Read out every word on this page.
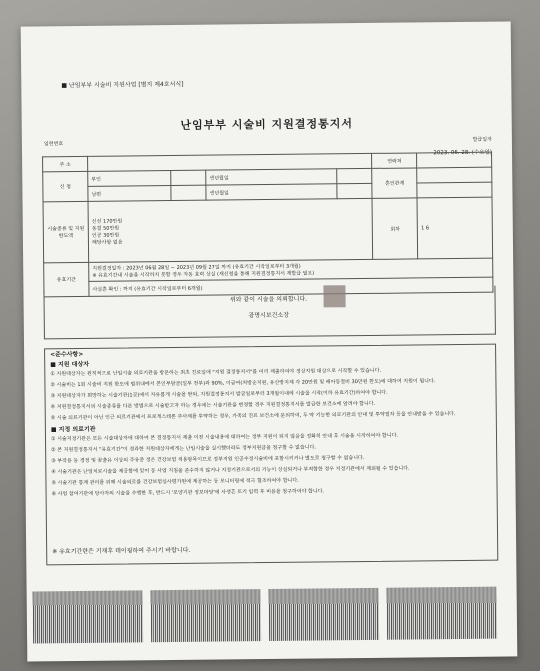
■ 난임부부 시술비 지원사업 [별지 제4호서식]
난임부부 시술비 지원결정통지서
일련번호
발급일자
2023. 06. 28. (수요일)
주 소					연락처	
신 청	부인		생년월일		혼인관계	
	남편		생년월일			
시술종류 및 지원한도액	신선 170만원
동결 50만원
인공 30만원
해당사항 없음				회차	1 6
유효기간	지원결정일자 : 2023년 06월 28일 ~ 2023년 09월 27일 까지 (유효기간 시작일로부터 3개월)
※ 유효기간내 시술을 시작하지 못할 경우 자동 효력 상실 (재신청을 통해 지원결정통지서 재발급 필요)					

	사실혼 확인 : 까지 (유효기간 시작일로부터 6개월)					
위와 같이 시술을 의뢰합니다.
광명시보건소장
<준수사항>
■ 지원 대상자

① 지원대상자는 원칙적으로 난임시술 의료기관을 방문하는 최초 진료일에 "지원 결정통지서"를 미리 제출하여야 정상지원 대상으로 시작할 수 있습니다.

② 시술비는 1회 시술비 지원 한도에 범위내에서 본인부담금(일부 전부)과 90%, 이급여(처방순지원, 유산방지제 각 20만원 및 배아동결비 30만원 한도)에 대하여 지원이 됩니다.

③ 지원대상자가 희망하는 시술기관(1곳)에서 자유롭게 시술을 받되, 지원결정통지서 발급일로부터 3개월이내에 시술을 시작(이하 유효기간)하여야 합니다.

④ 지원결정통지서의 시술종류를 다른 방법으로 시술받고자 하는 경우에는 시술기관을 변경할 경우 지원결정통지서를 발급한 보건소에 알려야 합니다.

⑤ 시술 의료기관이 아닌 인근 의료기관에서 프로게스테론 주사제를 투약하는 경우, 가족의 진료 보건소에 문의하여, 두 약 기능한 의료기관의 안내 및 투약절차 등을 안내받을 수 있습니다.

■ 지정 의료기관

① 시술지정기관은 모든 시술대상자에 대하여 본 결정통지서 제출 이전 시술내용에 대하여는 정부 지원이 되지 않음을 정확히 안내 후 시술을 시작하여야 합니다.

② 본 지원결정통지서 "유효기간"이 경과한 지원대상자에게는 난임시술을 실시했더라도 정부지원금을 청구할 수 없습니다.

③ 부작용 등 경정 및 꿈출유 이상의 주유중 정은 건강보험 적용항목이므로 정부지원 인공수정시술비에 포함시키거나 별도로 청구할 수 없습니다.

④ 시술기관은 난임치료시술을 제공함에 있어 동 사업 지침을 준수하지 않거나 지정기관으로서의 기능이 상실되거나 부적합한 경우 지정기관에서 제외될 수 있습니다.

⑤ 시술기관 통계 관리를 위해 시술의료를 건강보험심사평가원에 제공하는 등 모니터링에 적극 협조하여야 합니다.

⑥ 사업 참여기관에 당사자의 시술을 수행한 후, 반드시 '모양기관 정보마당'에 사생흔 토기 입력 후 비용을 청구하여야 합니다.

※ 유효기간란은 기재후 테이핑하여 주시기 바랍니다.
